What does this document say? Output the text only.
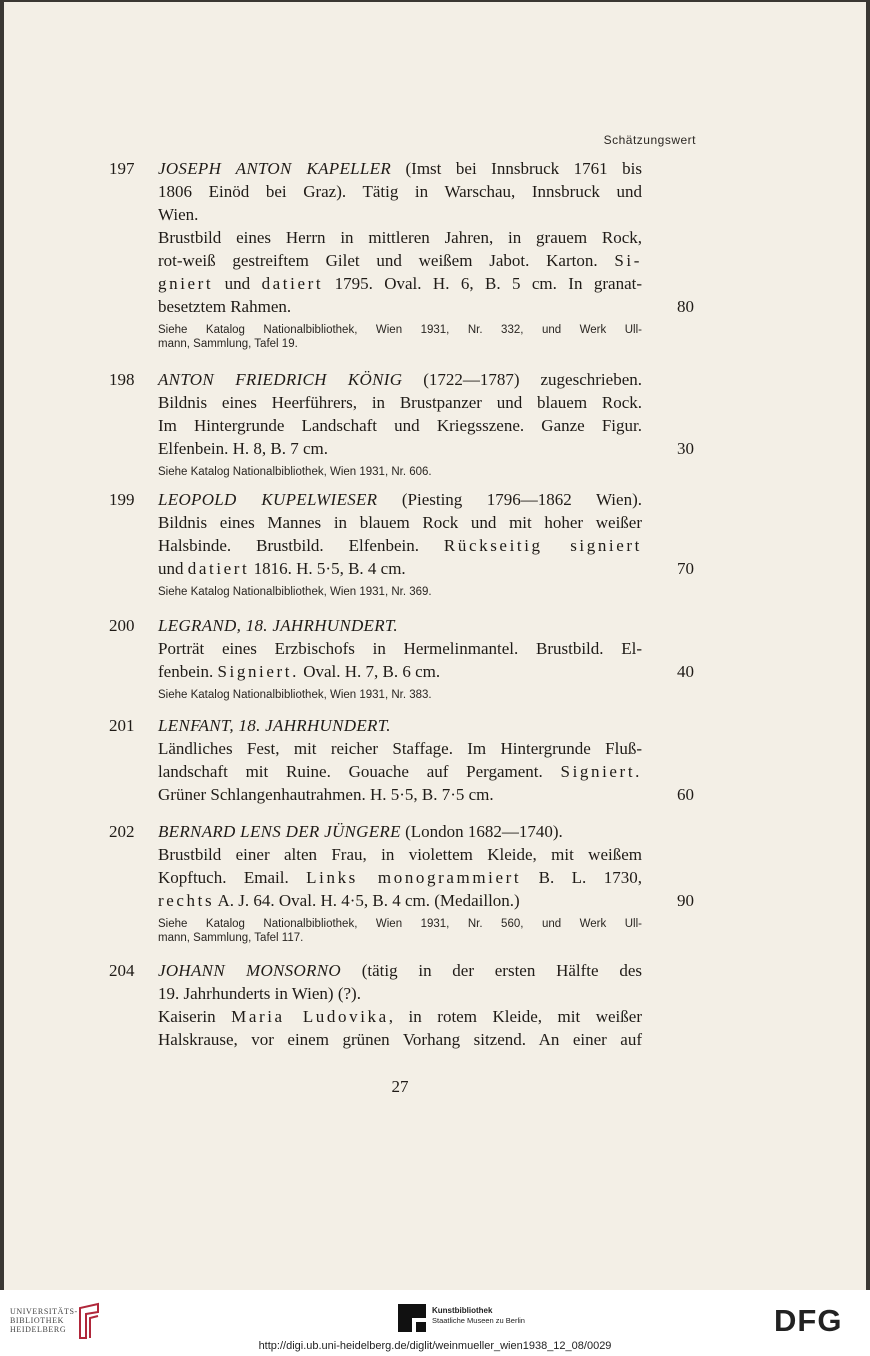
Schätzungswert
197 JOSEPH ANTON KAPELLER (Imst bei Innsbruck 1761 bis
1806 Einöd bei Graz). Tätig in Warschau, Innsbruck und
Wien.
Brustbild eines Herrn in mittleren Jahren, in grauem Rock,
rot-weiß gestreiftem Gilet und weißem Jabot. Karton. Si-
gniert und datiert 1795. Oval. H. 6, B. 5 cm. In granat-
besetztem Rahmen.
Siehe Katalog Nationalbibliothek, Wien 1931, Nr. 332, und Werk Ull-
mann, Sammlung, Tafel 19.
80
198 ANTON FRIEDRICH KÖNIG (1722—1787) zugeschrieben.
Bildnis eines Heerführers, in Brustpanzer und blauem Rock.
Im Hintergrunde Landschaft und Kriegsszene. Ganze Figur.
Elfenbein. H. 8, B. 7 cm.
Siehe Katalog Nationalbibliothek, Wien 1931, Nr. 606.
30
199 LEOPOLD KUPELWIESER (Piesting 1796—1862 Wien).
Bildnis eines Mannes in blauem Rock und mit hoher weißer
Halsbinde. Brustbild. Elfenbein. Rückseitig signiert
und datiert 1816. H. 5·5, B. 4 cm.
Siehe Katalog Nationalbibliothek, Wien 1931, Nr. 369.
70
200 LEGRAND, 18. JAHRHUNDERT.
Porträt eines Erzbischofs in Hermelinmantel. Brustbild. El-
fenbein. Signiert. Oval. H. 7, B. 6 cm.
Siehe Katalog Nationalbibliothek, Wien 1931, Nr. 383.
40
201 LENFANT, 18. JAHRHUNDERT.
Ländliches Fest, mit reicher Staffage. Im Hintergrunde Fluß-
landschaft mit Ruine. Gouache auf Pergament. Signiert.
Grüner Schlangenhautrahmen. H. 5·5, B. 7·5 cm.	60
202 BERNARD LENS DER JÜNGERE (London 1682—1740).
Brustbild einer alten Frau, in violettem Kleide, mit weißem
Kopftuch. Email. Links monogrammiert B. L. 1730,
rechts A. J. 64. Oval. H. 4·5, B. 4 cm. (Medaillon.)
Siehe Katalog Nationalbibliothek, Wien 1931, Nr. 560, und Werk Ull-
mann, Sammlung, Tafel 117.
90
204 JOHANN MONSORNO (tätig in der ersten Hälfte des
19. Jahrhunderts in Wien) (?).
Kaiserin Maria Ludovika, in rotem Kleide, mit weißer
Halskrause, vor einem grünen Vorhang sitzend. An einer auf
27
UNIVERSITÄTS-
BIBLIOTHEK
HEIDELBERG
Kunstbibliothek
Staatliche Museen zu Berlin	DFG
http://digi.ub.uni-heidelberg.de/diglit/weinmueller_wien1938_12_08/0029
